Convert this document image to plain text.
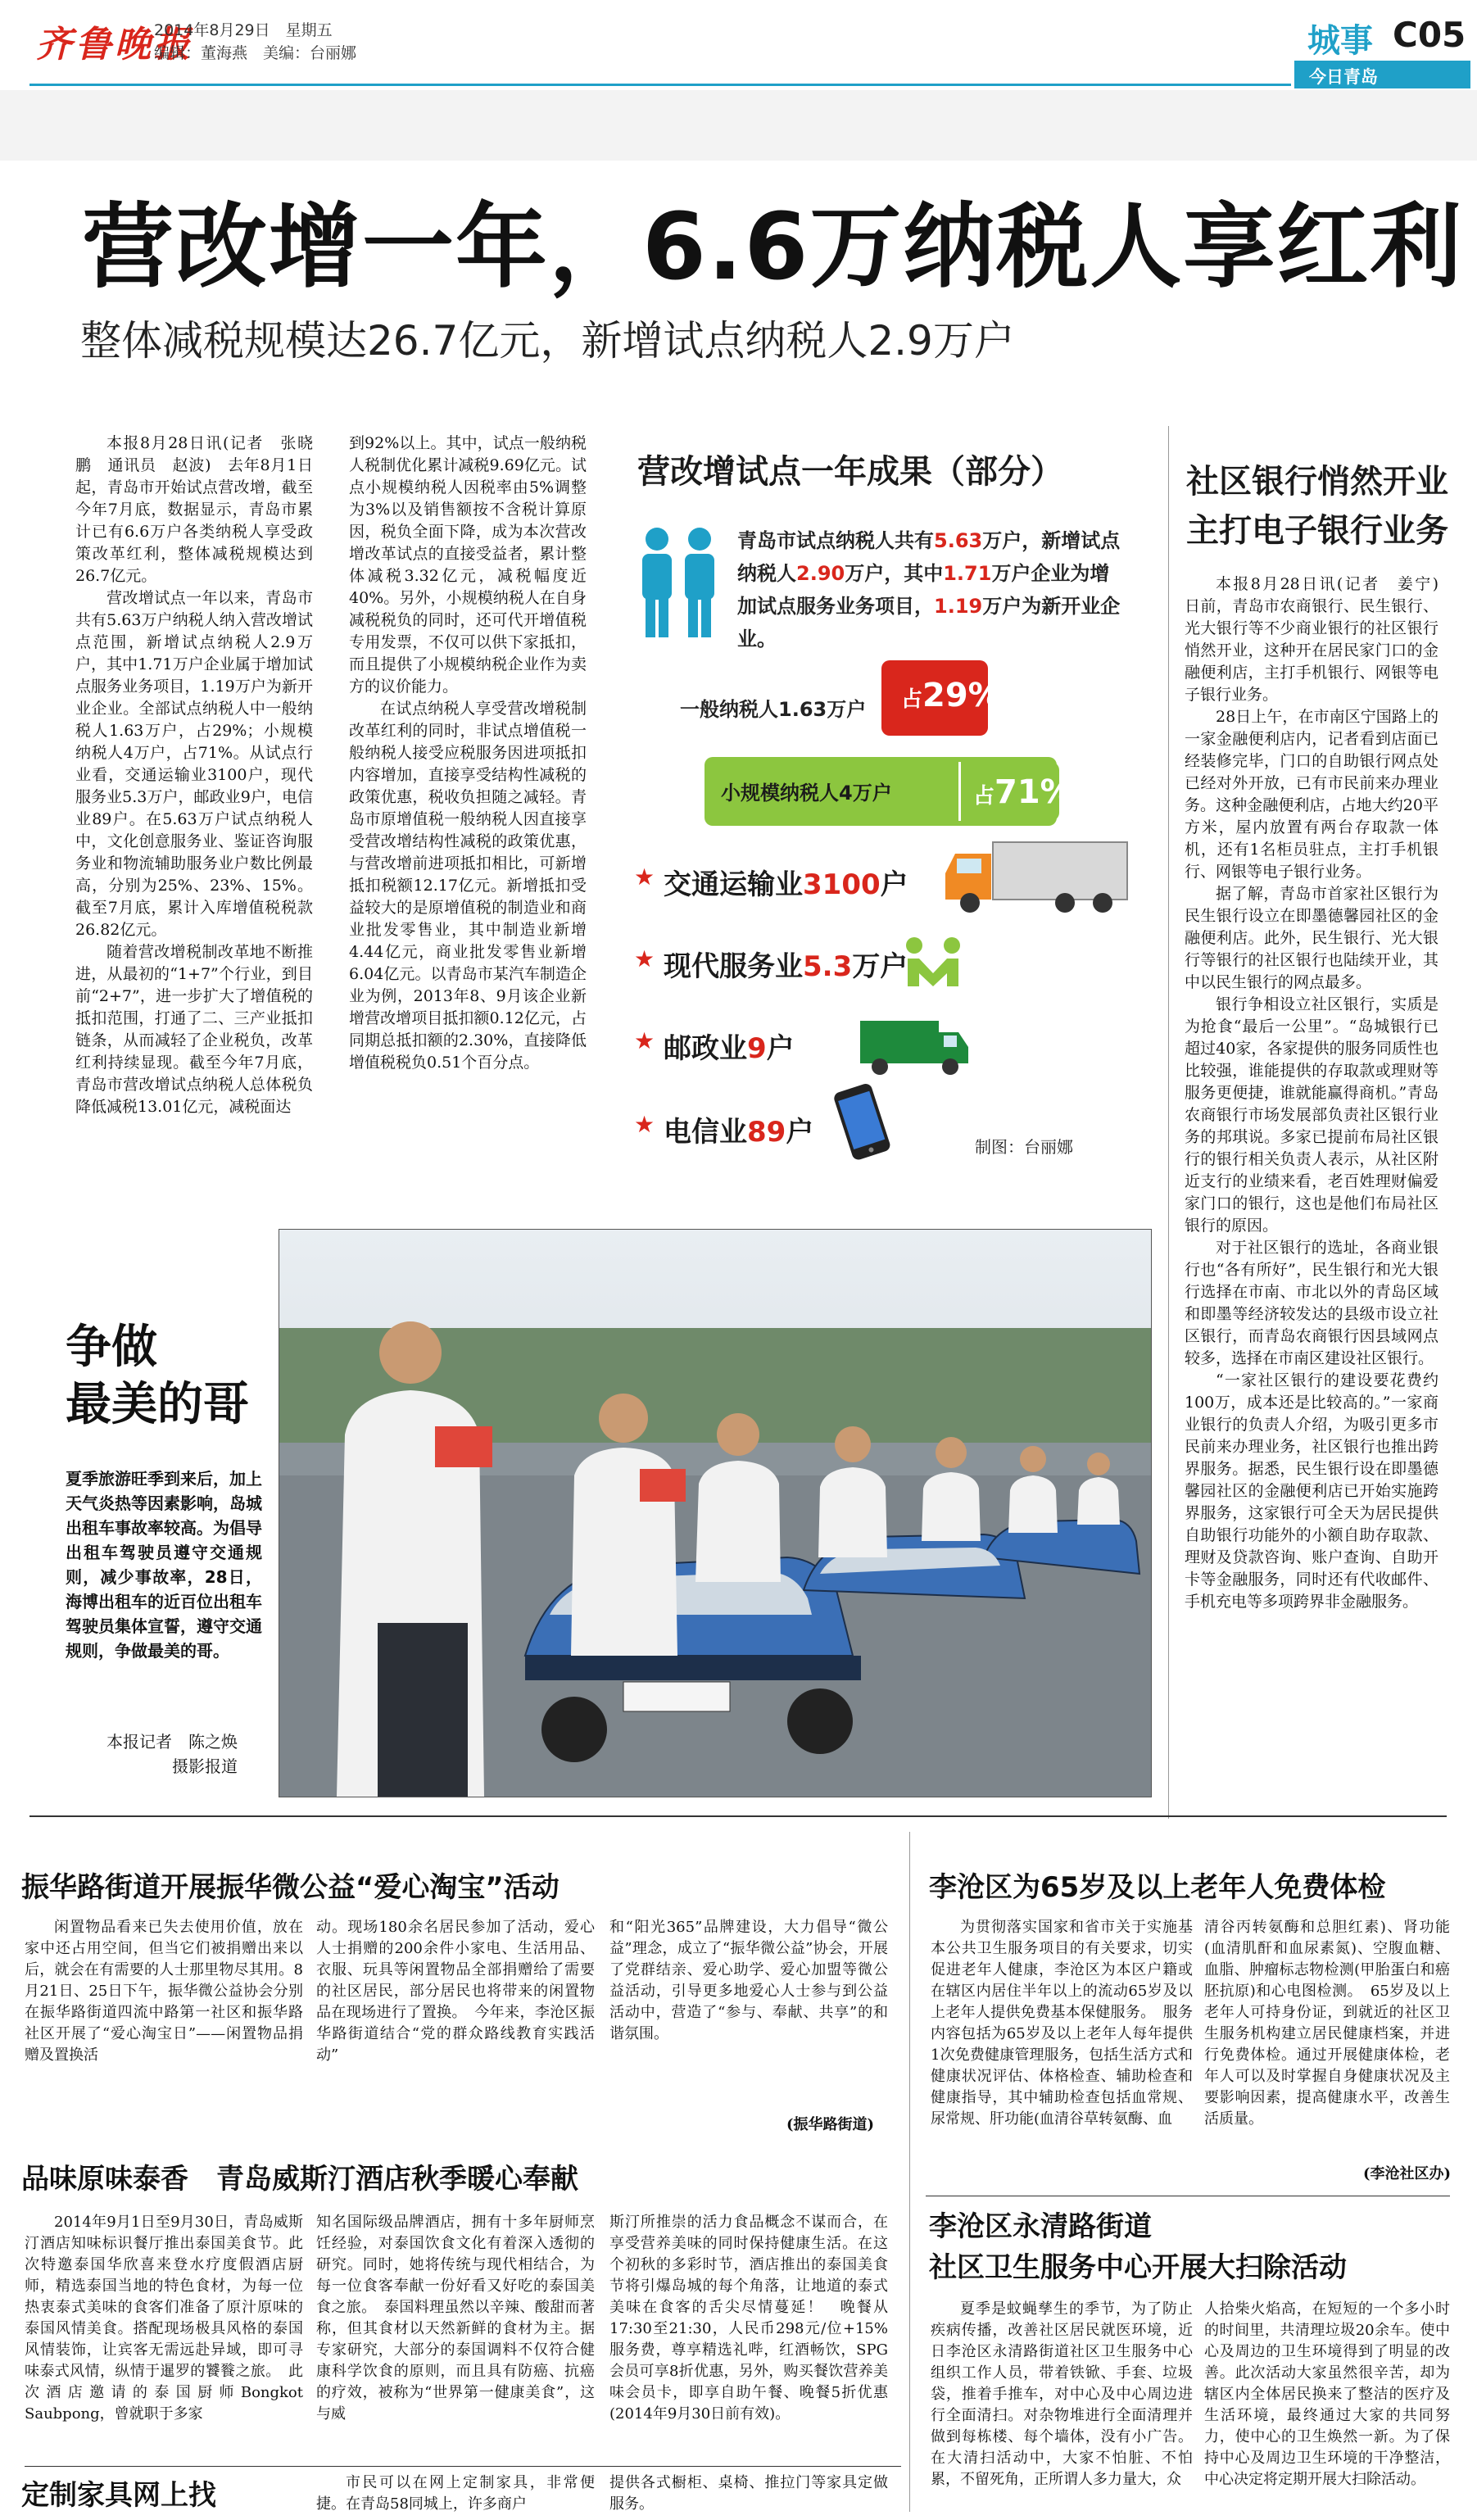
齐鲁晚报
2014年8月29日　星期五
编辑：董海燕　美编：台丽娜	城事 C05
今日青岛
营改增一年，6.6万纳税人享红利
整体减税规模达26.7亿元，新增试点纳税人2.9万户

本报8月28日讯(记者　张晓鹏　通讯员　赵波)　去年8月1日起，青岛市开始试点营改增，截至今年7月底，数据显示，青岛市累计已有6.6万户各类纳税人享受政策改革红利，整体减税规模达到26.7亿元。

营改增试点一年以来，青岛市共有5.63万户纳税人纳入营改增试点范围，新增试点纳税人2.9万户，其中1.71万户企业属于增加试点服务业务项目，1.19万户为新开业企业。全部试点纳税人中一般纳税人1.63万户，占29%；小规模纳税人4万户，占71%。从试点行业看，交通运输业3100户，现代服务业5.3万户，邮政业9户，电信业89户。在5.63万户试点纳税人中，文化创意服务业、鉴证咨询服务业和物流辅助服务业户数比例最高，分别为25%、23%、15%。截至7月底，累计入库增值税税款26.82亿元。

随着营改增税制改革地不断推进，从最初的“1+7”个行业，到目前“2+7”，进一步扩大了增值税的抵扣范围，打通了二、三产业抵扣链条，从而减轻了企业税负，改革红利持续显现。截至今年7月底，青岛市营改增试点纳税人总体税负降低减税13.01亿元，减税面达

到92%以上。其中，试点一般纳税人税制优化累计减税9.69亿元。试点小规模纳税人因税率由5%调整为3%以及销售额按不含税计算原因，税负全面下降，成为本次营改增改革试点的直接受益者，累计整体减税3.32亿元，减税幅度近40%。另外，小规模纳税人在自身减税税负的同时，还可代开增值税专用发票，不仅可以供下家抵扣，而且提供了小规模纳税企业作为卖方的议价能力。

在试点纳税人享受营改增税制改革红利的同时，非试点增值税一般纳税人接受应税服务因进项抵扣内容增加，直接享受结构性减税的政策优惠，税收负担随之减轻。青岛市原增值税一般纳税人因直接享受营改增结构性减税的政策优惠，与营改增前进项抵扣相比，可新增抵扣税额12.17亿元。新增抵扣受益较大的是原增值税的制造业和商业批发零售业，其中制造业新增4.44亿元，商业批发零售业新增6.04亿元。以青岛市某汽车制造企业为例，2013年8、9月该企业新增营改增项目抵扣额0.12亿元，占同期总抵扣额的2.30%，直接降低增值税税负0.51个百分点。

营改增试点一年成果（部分）
青岛市试点纳税人共有5.63万户，新增试点纳税人2.90万户，其中1.71万户企业为增加试点服务业务项目，1.19万户为新开业企业。
一般纳税人1.63万户 占29%
小规模纳税人4万户	占71%
★ 交通运输业3100户
★ 现代服务业5.3万户
★ 邮政业9户
★ 电信业89户	制图：台丽娜
社区银行悄然开业
主打电子银行业务

本报8月28日讯(记者　姜宁)　日前，青岛市农商银行、民生银行、光大银行等不少商业银行的社区银行悄然开业，这种开在居民家门口的金融便利店，主打手机银行、网银等电子银行业务。

28日上午，在市南区宁国路上的一家金融便利店内，记者看到店面已经装修完毕，门口的自助银行网点处已经对外开放，已有市民前来办理业务。这种金融便利店，占地大约20平方米，屋内放置有两台存取款一体机，还有1名柜员驻点，主打手机银行、网银等电子银行业务。

据了解，青岛市首家社区银行为民生银行设立在即墨德馨园社区的金融便利店。此外，民生银行、光大银行等银行的社区银行也陆续开业，其中以民生银行的网点最多。

银行争相设立社区银行，实质是为抢食“最后一公里”。“岛城银行已超过40家，各家提供的服务同质性也比较强，谁能提供的存取款或理财等服务更便捷，谁就能赢得商机。”青岛农商银行市场发展部负责社区银行业务的邦琪说。多家已提前布局社区银行的银行相关负责人表示，从社区附近支行的业绩来看，老百姓理财偏爱家门口的银行，这也是他们布局社区银行的原因。

对于社区银行的选址，各商业银行也“各有所好”，民生银行和光大银行选择在市南、市北以外的青岛区域和即墨等经济较发达的县级市设立社区银行，而青岛农商银行因县域网点较多，选择在市南区建设社区银行。

“一家社区银行的建设要花费约100万，成本还是比较高的。”一家商业银行的负责人介绍，为吸引更多市民前来办理业务，社区银行也推出跨界服务。据悉，民生银行设在即墨德馨园社区的金融便利店已开始实施跨界服务，这家银行可全天为居民提供自助银行功能外的小额自助存取款、理财及贷款咨询、账户查询、自助开卡等金融服务，同时还有代收邮件、手机充电等多项跨界非金融服务。

争做
最美的哥
夏季旅游旺季到来后，加上天气炎热等因素影响，岛城出租车事故率较高。为倡导出租车驾驶员遵守交通规则，减少事故率，28日，海博出租车的近百位出租车驾驶员集体宣誓，遵守交通规则，争做最美的哥。
本报记者　陈之焕
摄影报道
振华路街道开展振华微公益“爱心淘宝”活动

闲置物品看来已失去使用价值，放在家中还占用空间，但当它们被捐赠出来以后，就会在有需要的人士那里物尽其用。8月21日、25日下午，振华微公益协会分别在振华路街道四流中路第一社区和振华路社区开展了“爱心淘宝日”——闲置物品捐赠及置换活

动。现场180余名居民参加了活动，爱心人士捐赠的200余件小家电、生活用品、衣服、玩具等闲置物品全部捐赠给了需要的社区居民，部分居民也将带来的闲置物品在现场进行了置换。　今年来，李沧区振华路街道结合“党的群众路线教育实践活动”

和“阳光365”品牌建设，大力倡导“微公益”理念，成立了“振华微公益”协会，开展了党群结亲、爱心助学、爱心加盟等微公益活动，引导更多地爱心人士参与到公益活动中，营造了“参与、奉献、共享”的和谐氛围。

(振华路街道)
品味原味泰香　青岛威斯汀酒店秋季暖心奉献

2014年9月1日至9月30日，青岛威斯汀酒店知味标识餐厅推出泰国美食节。此次特邀泰国华欣喜来登水疗度假酒店厨师，精选泰国当地的特色食材，为每一位热衷泰式美味的食客们准备了原汁原味的泰国风情美食。搭配现场极具风格的泰国风情装饰，让宾客无需远赴异域，即可寻味泰式风情，纵情于暹罗的饕餮之旅。　此次酒店邀请的泰国厨师Bongkot Saubpong，曾就职于多家

知名国际级品牌酒店，拥有十多年厨师烹饪经验，对泰国饮食文化有着深入透彻的研究。同时，她将传统与现代相结合，为每一位食客奉献一份好看又好吃的泰国美食之旅。　泰国料理虽然以辛辣、酸甜而著称，但其食材以天然新鲜的食材为主。据专家研究，大部分的泰国调料不仅符合健康科学饮食的原则，而且具有防癌、抗癌的疗效，被称为“世界第一健康美食”，这与威

斯汀所推崇的活力食品概念不谋而合，在享受营养美味的同时保持健康生活。在这个初秋的多彩时节，酒店推出的泰国美食节将引爆岛城的每个角落，让地道的泰式美味在食客的舌尖尽情蔓延！　晚餐从17:30至21:30，人民币298元/位+15%服务费，尊享精选礼哔，红酒畅饮，SPG会员可享8折优惠，另外，购买餐饮营养美味会员卡，即享自助午餐、晚餐5折优惠(2014年9月30日前有效)。

定制家具网上找	市民可以在网上定制家具，非常便捷。在青岛58同城上，许多商户

提供各式橱柜、桌椅、推拉门等家具定做服务。

李沧区为65岁及以上老年人免费体检

为贯彻落实国家和省市关于实施基本公共卫生服务项目的有关要求，切实促进老年人健康，李沧区为本区户籍或在辖区内居住半年以上的流动65岁及以上老年人提供免费基本保健服务。　服务内容包括为65岁及以上老年人每年提供1次免费健康管理服务，包括生活方式和健康状况评估、体格检查、辅助检查和健康指导，其中辅助检查包括血常规、尿常规、肝功能(血清谷草转氨酶、血

清谷丙转氨酶和总胆红素)、肾功能(血清肌酐和血尿素氮)、空腹血糖、血脂、肿瘤标志物检测(甲胎蛋白和癌胚抗原)和心电图检测。　65岁及以上老年人可持身份证，到就近的社区卫生服务机构建立居民健康档案，并进行免费体检。通过开展健康体检，老年人可以及时掌握自身健康状况及主要影响因素，提高健康水平，改善生活质量。

(李沧社区办)
李沧区永清路街道
社区卫生服务中心开展大扫除活动

夏季是蚊蝇孳生的季节，为了防止疾病传播，改善社区居民就医环境，近日李沧区永清路街道社区卫生服务中心组织工作人员，带着铁锨、手套、垃圾袋，推着手推车，对中心及中心周边进行全面清扫。对杂物堆进行全面清理并做到每栋楼、每个墙体，没有小广告。在大清扫活动中，大家不怕脏、不怕累，不留死角，正所谓人多力量大，众

人拾柴火焰高，在短短的一个多小时的时间里，共清理垃圾20余车。使中心及周边的卫生环境得到了明显的改善。此次活动大家虽然很辛苦，却为辖区内全体居民换来了整洁的医疗及生活环境，最终通过大家的共同努力，使中心的卫生焕然一新。为了保持中心及周边卫生环境的干净整洁，中心决定将定期开展大扫除活动。
